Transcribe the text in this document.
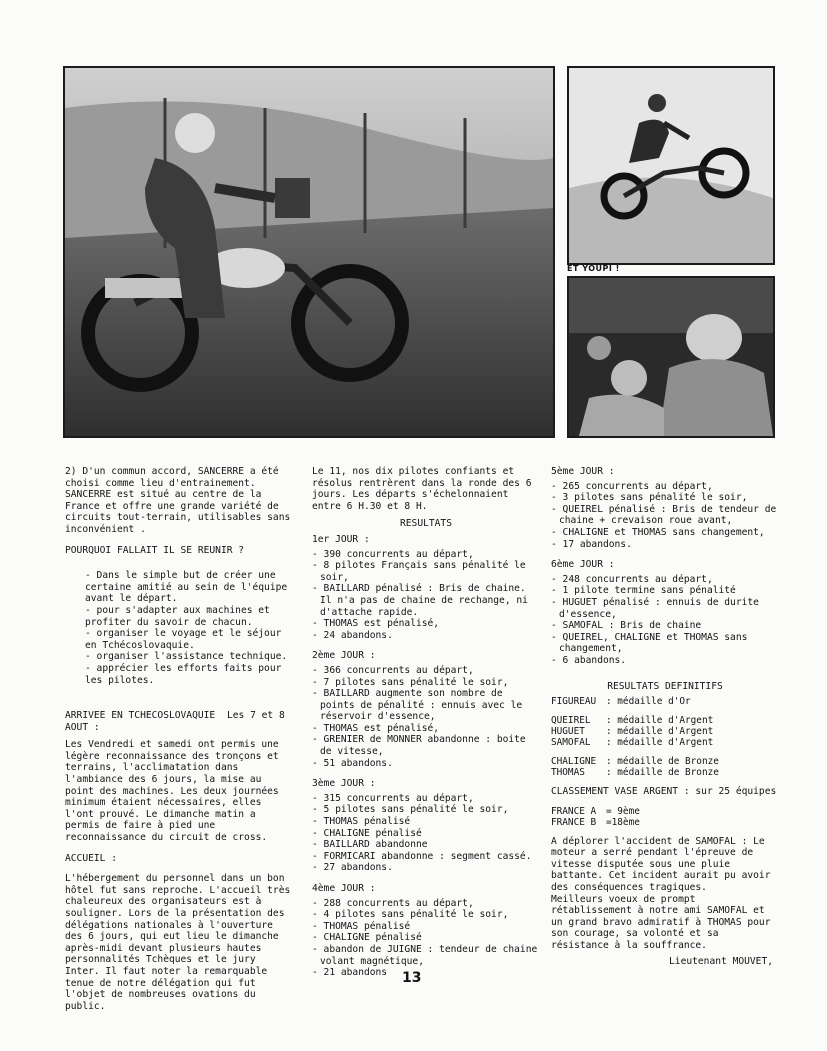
ET YOUPI !

2) D'un commun accord, SANCERRE a été choisi comme lieu d'entrainement. SANCERRE est situé au centre de la France et offre une grande variété de circuits tout-terrain, utilisables sans inconvénient .

POURQUOI FALLAIT IL SE REUNIR ?

- Dans le simple but de créer une certaine amitié au sein de l'équipe avant le départ.

- pour s'adapter aux machines et profiter du savoir de chacun.

- organiser le voyage et le séjour en Tchécoslovaquie.

- organiser l'assistance technique.

- apprécier les efforts faits pour les pilotes.

ARRIVEE EN TCHECOSLOVAQUIE Les 7 et 8 AOUT :

Les Vendredi et samedi ont permis une légère reconnaissance des tronçons et terrains, l'acclimatation dans l'ambiance des 6 jours, la mise au point des machines. Les deux journées minimum étaient nécessaires, elles l'ont prouvé. Le dimanche matin a permis de faire à pied une reconnaissance du circuit de cross.

ACCUEIL :

L'hébergement du personnel dans un bon hôtel fut sans reproche. L'accueil très chaleureux des organisateurs est à souligner. Lors de la présentation des délégations nationales à l'ouverture des 6 jours, qui eut lieu le dimanche après-midi devant plusieurs hautes personnalités Tchèques et le jury Inter. Il faut noter la remarquable tenue de notre délégation qui fut l'objet de nombreuses ovations du public.

Le 11, nos dix pilotes confiants et résolus rentrèrent dans la ronde des 6 jours. Les départs s'échelonnaient entre 6 H.30 et 8 H.

RESULTATS
1er JOUR :
- 390 concurrents au départ,
- 8 pilotes Français sans pénalité le soir,
- BAILLARD pénalisé : Bris de chaine. Il n'a pas de chaine de rechange, ni d'attache rapide.
- THOMAS est pénalisé,
- 24 abandons.
2ème JOUR :
- 366 concurrents au départ,
- 7 pilotes sans pénalité le soir,
- BAILLARD augmente son nombre de points de pénalité : ennuis avec le réservoir d'essence,
- THOMAS est pénalisé,
- GRENIER de MONNER abandonne : boite de vitesse,
- 51 abandons.
3ème JOUR :
- 315 concurrents au départ,
- 5 pilotes sans pénalité le soir,
- THOMAS pénalisé
- CHALIGNE pénalisé
- BAILLARD abandonne
- FORMICARI abandonne : segment cassé.
- 27 abandons.
4ème JOUR :
- 288 concurrents au départ,
- 4 pilotes sans pénalité le soir,
- THOMAS pénalisé
- CHALIGNE pénalisé
- abandon de JUIGNE : tendeur de chaine volant magnétique,
- 21 abandons
5ème JOUR :
- 265 concurrents au départ,
- 3 pilotes sans pénalité le soir,
- QUEIREL pénalisé : Bris de tendeur de chaine + crevaison roue avant,
- CHALIGNE et THOMAS sans changement,
- 17 abandons.
6ème JOUR :
- 248 concurrents au départ,
- 1 pilote termine sans pénalité
- HUGUET pénalisé : ennuis de durite d'essence,
- SAMOFAL : Bris de chaine
- QUEIREL, CHALIGNE et THOMAS sans changement,
- 6 abandons.
RESULTATS DEFINITIFS
FIGUREAU	: médaille d'Or

QUEIREL	: médaille d'Argent
HUGUET	: médaille d'Argent
SAMOFAL	: médaille d'Argent

CHALIGNE	: médaille de Bronze
THOMAS	: médaille de Bronze
CLASSEMENT VASE ARGENT : sur 25 équipes
FRANCE A	= 9ème
FRANCE B	=18ème

A déplorer l'accident de SAMOFAL : Le moteur a serré pendant l'épreuve de vitesse disputée sous une pluie battante. Cet incident aurait pu avoir des conséquences tragiques.

Meilleurs voeux de prompt rétablissement à notre ami SAMOFAL et un grand bravo admiratif à THOMAS pour son courage, sa volonté et sa résistance à la souffrance.

Lieutenant MOUVET,
13
